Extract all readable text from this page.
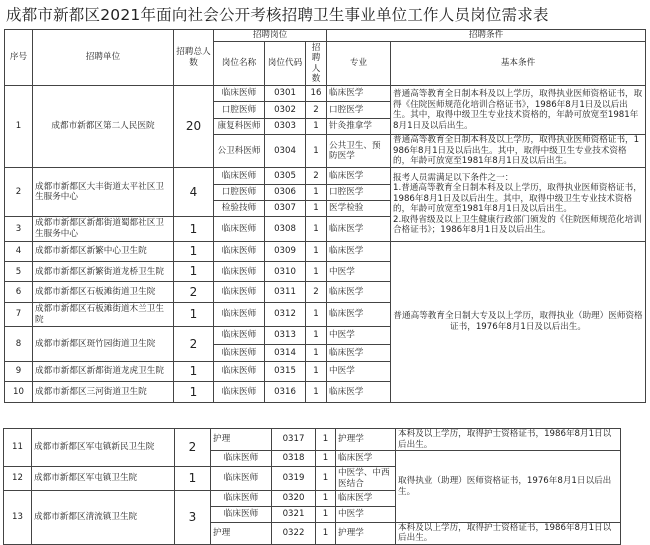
成都市新都区2021年面向社会公开考核招聘卫生事业单位工作人员岗位需求表
序号	招聘单位	招聘总人数	招聘岗位			招聘条件	
			岗位名称	岗位代码	招聘人数	专业	基本条件
1	成都市新都区第二人民医院	20	临床医师	0301	16	临床医学	普通高等教育全日制本科及以上学历，取得执业医师资格证书，取得《住院医师规范化培训合格证书》，1986年8月1日及以后出生。其中，取得中级卫生专业技术资格的，年龄可放宽至1981年8月1日及以后出生。
			口腔医师	0302	2	口腔医学	
			康复科医师	0303	1	针灸推拿学	
			公卫科医师	0304	1	公共卫生、预防医学	普通高等教育全日制本科及以上学历，取得执业医师资格证书，1986年8月1日及以后出生。其中，取得中级卫生专业技术资格的，年龄可放宽至1981年8月1日及以后出生。
2	成都市新都区大丰街道太平社区卫生服务中心	4	临床医师	0305	2	临床医学	报考人员需满足以下条件之一：
1.普通高等教育全日制本科及以上学历，取得执业医师资格证书，1986年8月1日及以后出生。其中，取得中级卫生专业技术资格的，年龄可放宽至1981年8月1日及以后出生。
2.取得省级及以上卫生健康行政部门颁发的《住院医师规范化培训合格证书》；1986年8月1日及以后出生。

			口腔医师	0306	1	口腔医学	
			检验技师	0307	1	医学检验	
3	成都市新都区新都街道蜀都社区卫生服务中心	1	临床医师	0308	1	临床医学	
4	成都市新都区新繁中心卫生院	1	临床医师	0309	1	临床医学	普通高等教育全日制大专及以上学历，取得执业（助理）医师资格证书，1976年8月1日及以后出生。
5	成都市新都区新繁街道龙桥卫生院	1	临床医师	0310	1	中医学	
6	成都市新都区石板滩街道卫生院	2	临床医师	0311	2	临床医学	
7	成都市新都区石板滩街道木兰卫生院	1	临床医师	0312	1	临床医学	
8	成都市新都区斑竹园街道卫生院	2	临床医师	0313	1	中医学	
			临床医师	0314	1	临床医学	
9	成都市新都区新都街道龙虎卫生院	1	临床医师	0315	1	中医学	
10	成都市新都区三河街道卫生院	1	临床医师	0316	1	临床医学	
11	成都市新都区军屯镇新民卫生院	2	护理	0317	1	护理学	本科及以上学历，取得护士资格证书，1986年8月1日以后出生。
			临床医师	0318	1	临床医学	取得执业（助理）医师资格证书，1976年8月1日以后出生。
12	成都市新都区军屯镇卫生院	1	临床医师	0319	1	中医学、中西医结合	
13	成都市新都区清流镇卫生院	3	临床医师	0320	1	临床医学	
			临床医师	0321	1	中医学	
			护理	0322	1	护理学	本科及以上学历，取得护士资格证书，1986年8月1日以后出生。
